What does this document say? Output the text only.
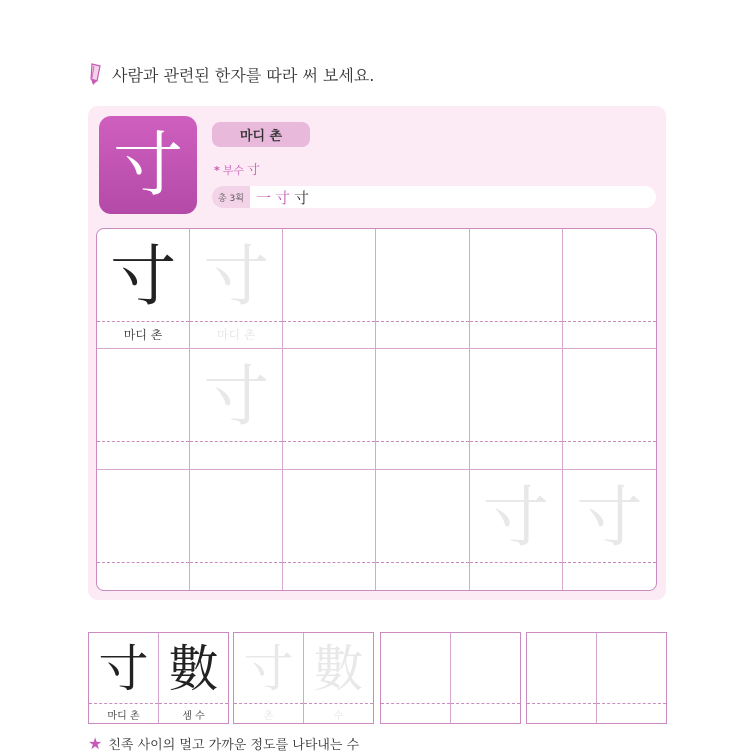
사람과 관련된 한자를 따라 써 보세요.
寸	마디 촌
* 부수 寸
총 3획 一 寸 寸
寸
마디 촌
寸
마디 촌
寸
寸 寸
寸
마디 촌
數
셈 수
寸
촌
數
수
★ 친족 사이의 멀고 가까운 정도를 나타내는 수
